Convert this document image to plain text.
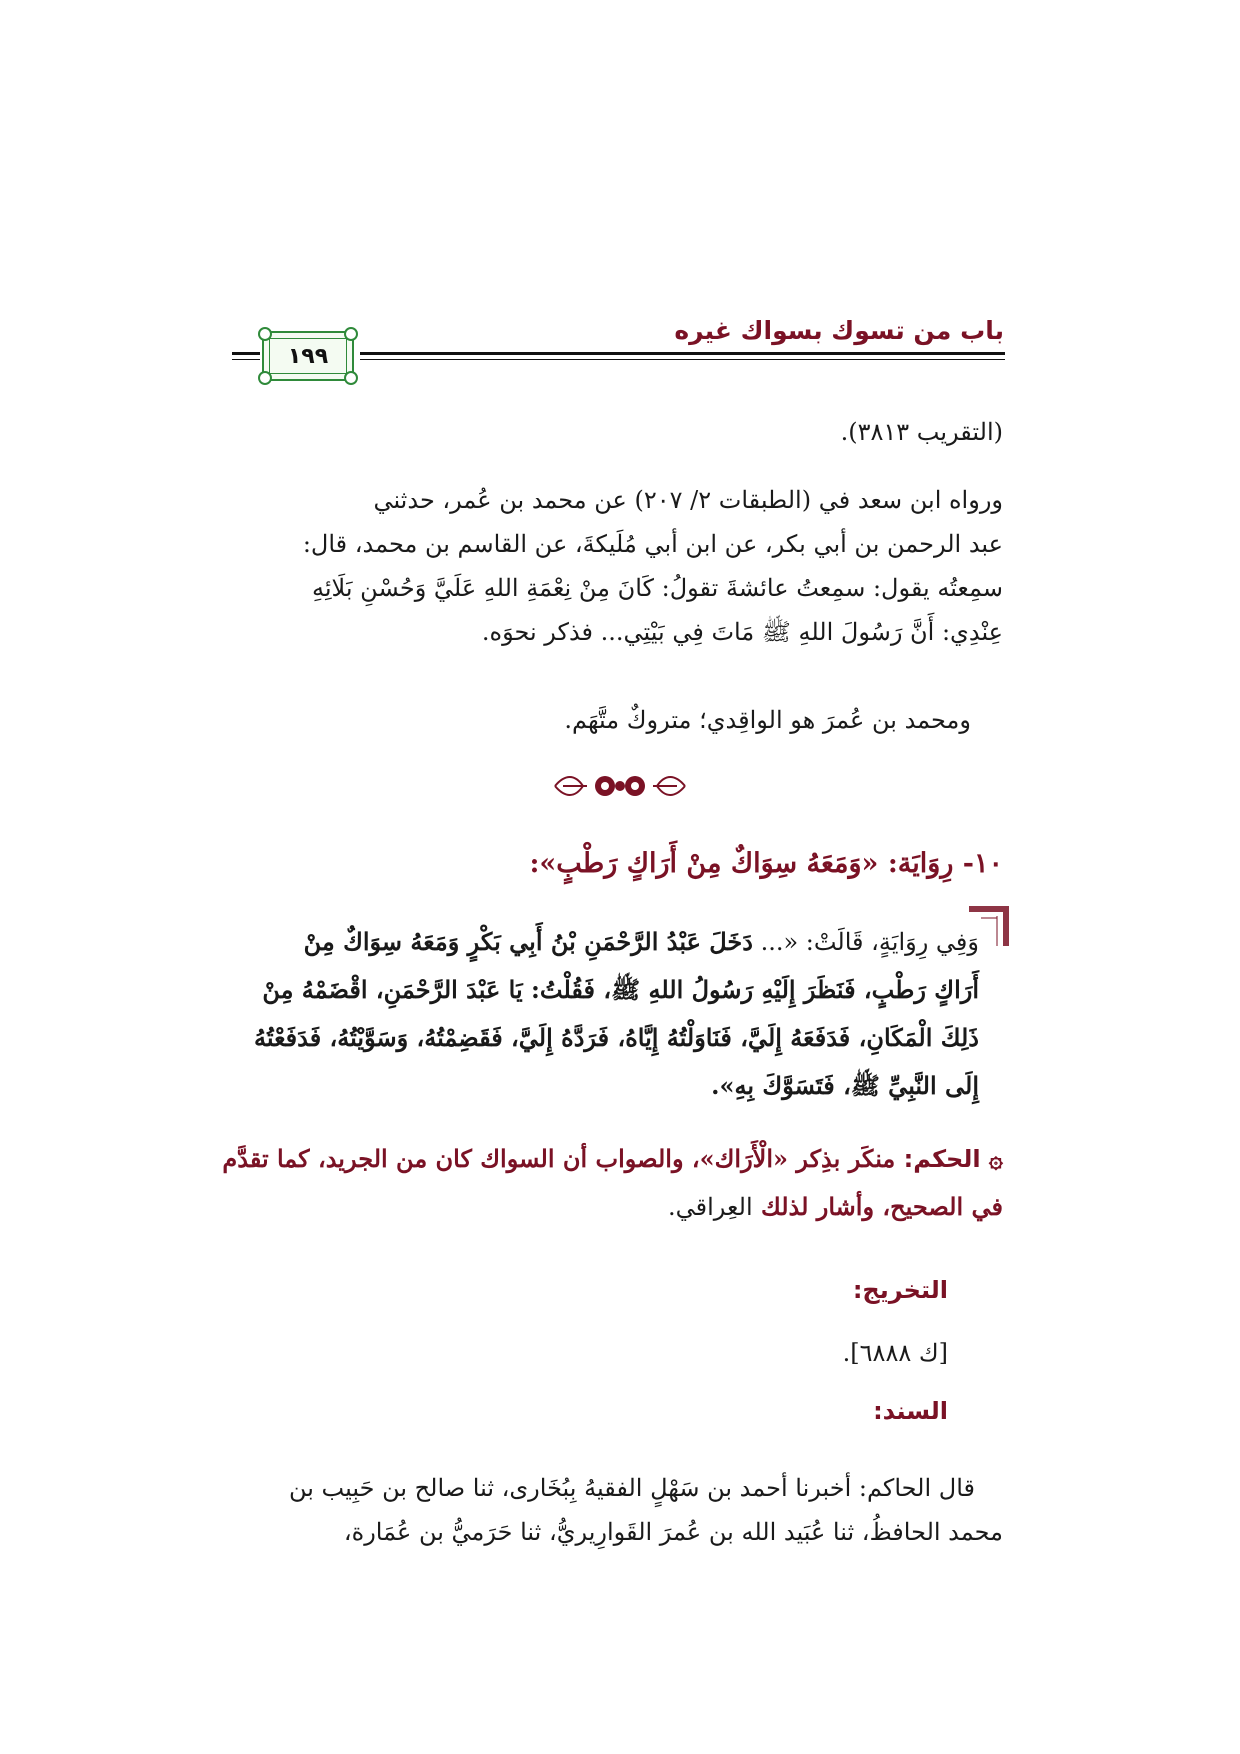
باب من تسوك بسواك غيره
١٩٩
(التقريب ٣٨١٣).
ورواه ابن سعد في (الطبقات ٢/ ٢٠٧) عن محمد بن عُمر، حدثني
عبد الرحمن بن أبي بكر، عن ابن أبي مُلَيكةَ، عن القاسم بن محمد، قال:
سمِعتُه يقول: سمِعتُ عائشةَ تقولُ: كَانَ مِنْ نِعْمَةِ اللهِ عَلَيَّ وَحُسْنِ بَلَائِهِ
عِنْدِي: أَنَّ رَسُولَ اللهِ ﷺ مَاتَ فِي بَيْتِي... فذكر نحوَه.
ومحمد بن عُمرَ هو الواقِدي؛ متروكٌ متَّهَم.
١٠- رِوَايَة: «وَمَعَهُ سِوَاكٌ مِنْ أَرَاكٍ رَطْبٍ»:
وَفِي رِوَايَةٍ، قَالَتْ: «... دَخَلَ عَبْدُ الرَّحْمَنِ بْنُ أَبِي بَكْرٍ وَمَعَهُ سِوَاكٌ مِنْ
أَرَاكٍ رَطْبٍ، فَنَظَرَ إِلَيْهِ رَسُولُ اللهِ ﷺ، فَقُلْتُ: يَا عَبْدَ الرَّحْمَنِ، اقْضَمْهُ مِنْ
ذَلِكَ الْمَكَانِ، فَدَفَعَهُ إِلَيَّ، فَنَاوَلْتُهُ إِيَّاهُ، فَرَدَّهُ إِلَيَّ، فَقَضِمْتُهُ، وَسَوَّيْتُهُ، فَدَفَعْتُهُ
إِلَى النَّبِيِّ ﷺ، فَتَسَوَّكَ بِهِ».
۞ الحكم: منكَر بذِكر «الْأَرَاك»، والصواب أن السواك كان من الجريد، كما تقدَّم
في الصحيح، وأشار لذلك العِراقي.
التخريج:
[ك ٦٨٨٨].
السند:
قال الحاكم: أخبرنا أحمد بن سَهْلٍ الفقيهُ بِبُخَارى، ثنا صالح بن حَبِيب بن
محمد الحافظُ، ثنا عُبَيد الله بن عُمرَ القَوارِيريُّ، ثنا حَرَميُّ بن عُمَارة،
